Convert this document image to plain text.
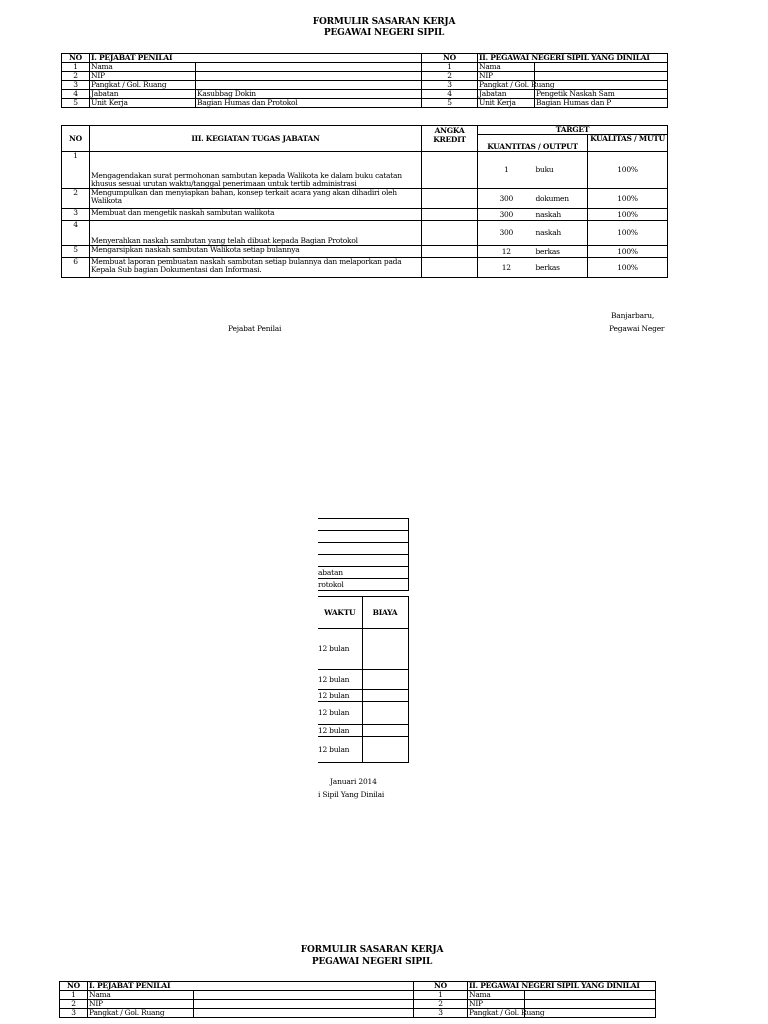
FORMULIR SASARAN KERJA
PEGAWAI NEGERI SIPIL
NO	I. PEJABAT PENILAI		NO	II. PEGAWAI NEGERI SIPIL YANG DINILAI	
1	Nama		1	Nama	
2	NIP		2	NIP	
3	Pangkat / Gol. Ruang		3	Pangkat / Gol. Ruang	
4	Jabatan	Kasubbag Dokin	4	Jabatan	Pengetik Naskah Sam
5	Unit Kerja	Bagian Humas dan Protokol	5	Unit Kerja	Bagian Humas dan P
NO	III. KEGIATAN TUGAS JABATAN	ANGKA KREDIT	TARGET		
			KUANTITAS / OUTPUT		KUALITAS / MUTU
1	Mengagendakan surat permohonan sambutan kepada Walikota ke dalam buku catatan khusus sesuai urutan waktu/tanggal penerimaan untuk tertib administrasi		1	buku	100%
2	Mengumpulkan dan menyiapkan bahan, konsep terkait acara yang akan dihadiri oleh Walikota		300	dokumen	100%
3	Membuat dan mengetik naskah sambutan walikota		300	naskah	100%
4	Menyerahkan naskah sambutan yang telah dibuat kepada Bagian Protokol		300	naskah	100%
5	Mengarsipkan naskah sambutan Walikota setiap bulannya		12	berkas	100%
6	Membuat laporan pembuatan naskah sambutan setiap bulannya dan melaporkan pada Kepala Sub bagian Dokumentasi dan Informasi.		12	berkas	100%
Banjarbaru,
Pegawai Neger
Pejabat Penilai
abatan
rotokol
WAKTU	BIAYA
12 bulan	
12 bulan	
12 bulan	
12 bulan	
12 bulan	
12 bulan	
Januari 2014
i Sipil Yang Dinilai
FORMULIR SASARAN KERJA
PEGAWAI NEGERI SIPIL
NO	I. PEJABAT PENILAI		NO	II. PEGAWAI NEGERI SIPIL YANG DINILAI	
1	Nama		1	Nama	
2	NIP		2	NIP	
3	Pangkat / Gol. Ruang		3	Pangkat / Gol. Ruang	
